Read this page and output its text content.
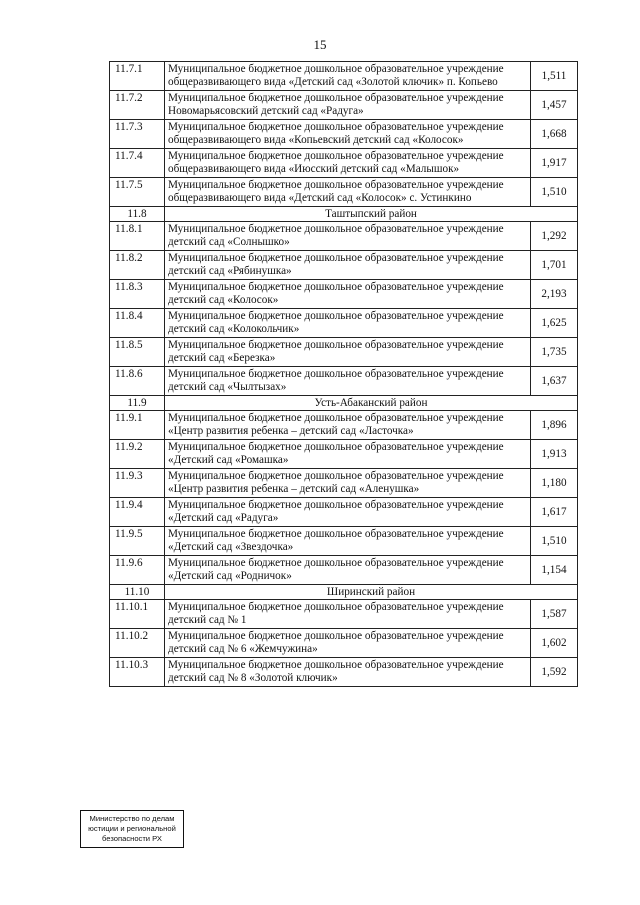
15
11.7.1	Муниципальное бюджетное дошкольное образовательное учреждение общеразвивающего вида «Детский сад «Золотой ключик» п. Копьево	1,511
11.7.2	Муниципальное бюджетное дошкольное образовательное учреждение Новомарьясовский детский сад «Радуга»	1,457
11.7.3	Муниципальное бюджетное дошкольное образовательное учреждение общеразвивающего вида «Копьевский детский сад «Колосок»	1,668
11.7.4	Муниципальное бюджетное дошкольное образовательное учреждение общеразвивающего вида «Июсский детский сад «Малышок»	1,917
11.7.5	Муниципальное бюджетное дошкольное образовательное учреждение общеразвивающего вида «Детский сад «Колосок» с. Устинкино	1,510
11.8	Таштыпский район	
11.8.1	Муниципальное бюджетное дошкольное образовательное учреждение детский сад «Солнышко»	1,292
11.8.2	Муниципальное бюджетное дошкольное образовательное учреждение детский сад «Рябинушка»	1,701
11.8.3	Муниципальное бюджетное дошкольное образовательное учреждение детский сад «Колосок»	2,193
11.8.4	Муниципальное бюджетное дошкольное образовательное учреждение детский сад «Колокольчик»	1,625
11.8.5	Муниципальное бюджетное дошкольное образовательное учреждение детский сад «Березка»	1,735
11.8.6	Муниципальное бюджетное дошкольное образовательное учреждение детский сад «Чылтызах»	1,637
11.9	Усть-Абаканский район	
11.9.1	Муниципальное бюджетное дошкольное образовательное учреждение «Центр развития ребенка – детский сад «Ласточка»	1,896
11.9.2	Муниципальное бюджетное дошкольное образовательное учреждение «Детский сад «Ромашка»	1,913
11.9.3	Муниципальное бюджетное дошкольное образовательное учреждение «Центр развития ребенка – детский сад «Аленушка»	1,180
11.9.4	Муниципальное бюджетное дошкольное образовательное учреждение «Детский сад «Радуга»	1,617
11.9.5	Муниципальное бюджетное дошкольное образовательное учреждение «Детский сад «Звездочка»	1,510
11.9.6	Муниципальное бюджетное дошкольное образовательное учреждение «Детский сад «Родничок»	1,154
11.10	Ширинский район	
11.10.1	Муниципальное бюджетное дошкольное образовательное учреждение детский сад № 1	1,587
11.10.2	Муниципальное бюджетное дошкольное образовательное учреждение детский сад № 6 «Жемчужина»	1,602
11.10.3	Муниципальное бюджетное дошкольное образовательное учреждение детский сад № 8 «Золотой ключик»	1,592
Министерство по делам
юстиции и региональной
безопасности РХ
